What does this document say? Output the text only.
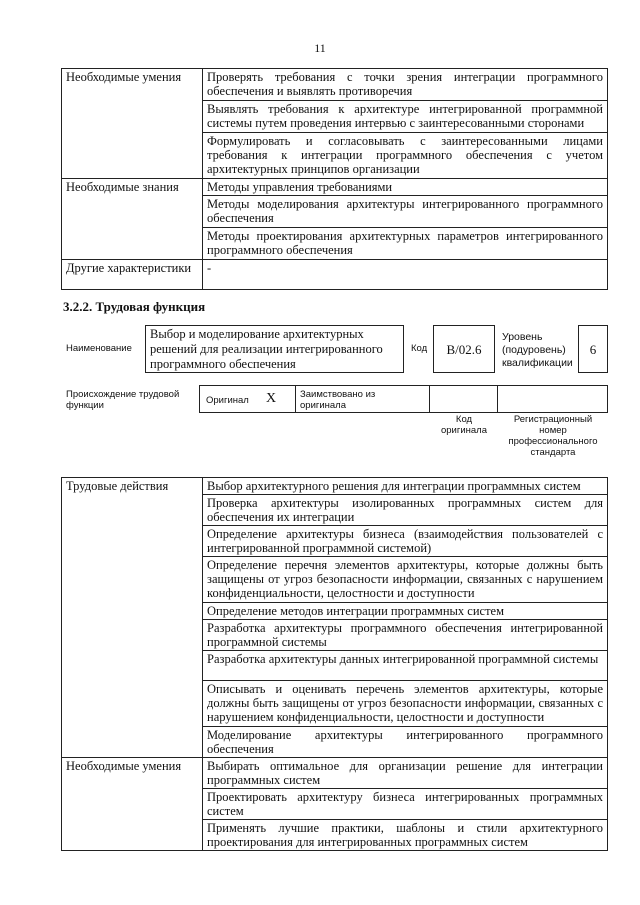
11
Необходимые умения	Проверять требования с точки зрения интеграции программного обеспечения и выявлять противоречия
	Выявлять требования к архитектуре интегрированной программной системы путем проведения интервью с заинтересованными сторонами
	Формулировать и согласовывать с заинтересованными лицами требования к интеграции программного обеспечения с учетом архитектурных принципов организации
Необходимые знания	Методы управления требованиями
	Методы моделирования архитектуры интегрированного программного обеспечения
	Методы проектирования архитектурных параметров интегрированного программного обеспечения
Другие характеристики	-
3.2.2. Трудовая функция
Наименование
Выбор и моделирование архитектурных решений для реализации интегрированного программного обеспечения
Код	B/02.6
Уровень (подуровень) квалификации
6
Происхождение трудовой функции	Оригинал X	Заимствовано из оригинала
Код оригинала
Регистрационный номер профессионального стандарта
Трудовые действия	Выбор архитектурного решения для интеграции программных систем
	Проверка архитектуры изолированных программных систем для обеспечения их интеграции
	Определение архитектуры бизнеса (взаимодействия пользователей с интегрированной программной системой)
	Определение перечня элементов архитектуры, которые должны быть защищены от угроз безопасности информации, связанных с нарушением конфиденциальности, целостности и доступности
	Определение методов интеграции программных систем
	Разработка архитектуры программного обеспечения интегрированной программной системы
	Разработка архитектуры данных интегрированной программной системы
	Описывать и оценивать перечень элементов архитектуры, которые должны быть защищены от угроз безопасности информации, связанных с нарушением конфиденциальности, целостности и доступности
	Моделирование архитектуры интегрированного программного обеспечения
Необходимые умения	Выбирать оптимальное для организации решение для интеграции программных систем
	Проектировать архитектуру бизнеса интегрированных программных систем
	Применять лучшие практики, шаблоны и стили архитектурного проектирования для интегрированных программных систем
